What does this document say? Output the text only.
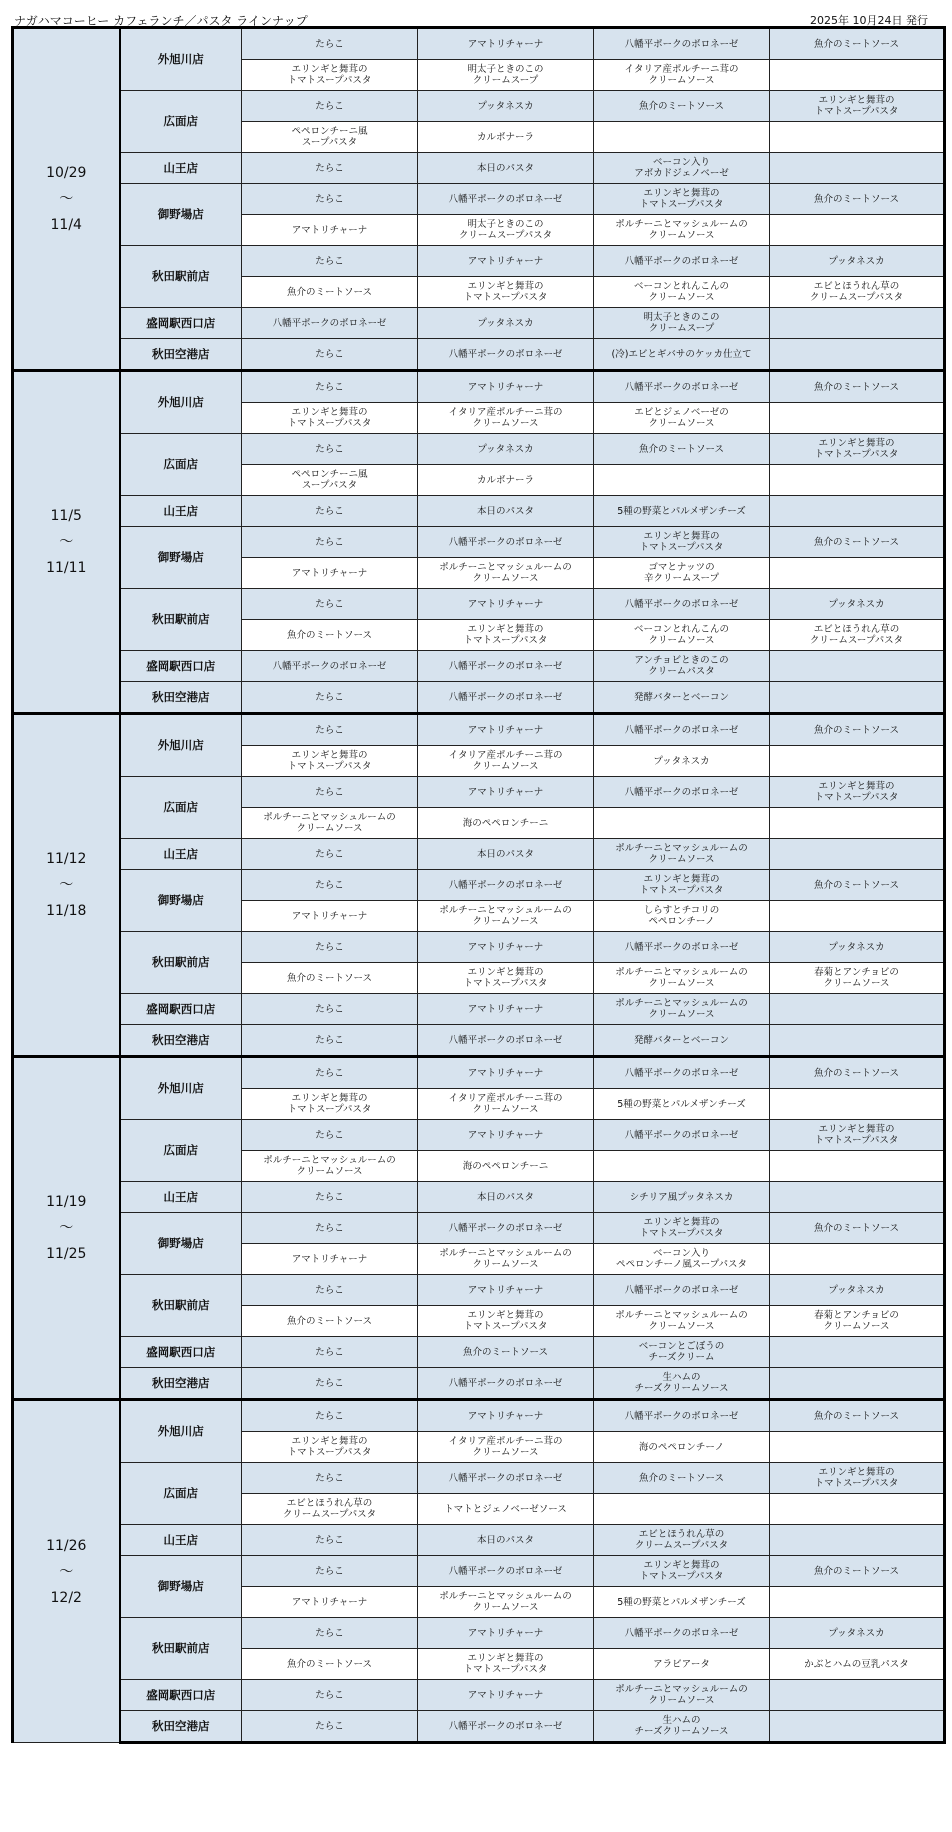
ナガハマコーヒー カフェランチ／パスタ ラインナップ	2025年 10月24日 発行
10/29
～
11/4	外旭川店	たらこ	アマトリチャーナ	八幡平ポークのボロネーゼ	魚介のミートソース
		エリンギと舞茸の
トマトスープパスタ	明太子ときのこの
クリームスープ	イタリア産ポルチーニ茸の
クリームソース	
	広面店	たらこ	プッタネスカ	魚介のミートソース	エリンギと舞茸の
トマトスープパスタ
		ペペロンチーニ風
スープパスタ	カルボナーラ		
	山王店	たらこ	本日のパスタ	ベーコン入り
アボカドジェノベーゼ	
	御野場店	たらこ	八幡平ポークのボロネーゼ	エリンギと舞茸の
トマトスープパスタ	魚介のミートソース
		アマトリチャーナ	明太子ときのこの
クリームスープパスタ	ポルチーニとマッシュルームの
クリームソース	
	秋田駅前店	たらこ	アマトリチャーナ	八幡平ポークのボロネーゼ	プッタネスカ
		魚介のミートソース	エリンギと舞茸の
トマトスープパスタ	ベーコンとれんこんの
クリームソース	エビとほうれん草の
クリームスープパスタ
	盛岡駅西口店	八幡平ポークのボロネーゼ	プッタネスカ	明太子ときのこの
クリームスープ	
	秋田空港店	たらこ	八幡平ポークのボロネーゼ	(冷)エビとギバサのケッカ仕立て	

11/5
～
11/11	外旭川店	たらこ	アマトリチャーナ	八幡平ポークのボロネーゼ	魚介のミートソース
		エリンギと舞茸の
トマトスープパスタ	イタリア産ポルチーニ茸の
クリームソース	エビとジェノベーゼの
クリームソース	
	広面店	たらこ	プッタネスカ	魚介のミートソース	エリンギと舞茸の
トマトスープパスタ
		ペペロンチーニ風
スープパスタ	カルボナーラ		
	山王店	たらこ	本日のパスタ	5種の野菜とパルメザンチーズ	
	御野場店	たらこ	八幡平ポークのボロネーゼ	エリンギと舞茸の
トマトスープパスタ	魚介のミートソース
		アマトリチャーナ	ポルチーニとマッシュルームの
クリームソース	ゴマとナッツの
辛クリームスープ	
	秋田駅前店	たらこ	アマトリチャーナ	八幡平ポークのボロネーゼ	プッタネスカ
		魚介のミートソース	エリンギと舞茸の
トマトスープパスタ	ベーコンとれんこんの
クリームソース	エビとほうれん草の
クリームスープパスタ
	盛岡駅西口店	八幡平ポークのボロネーゼ	八幡平ポークのボロネーゼ	アンチョビときのこの
クリームパスタ	
	秋田空港店	たらこ	八幡平ポークのボロネーゼ	発酵バターとベーコン	

11/12
～
11/18	外旭川店	たらこ	アマトリチャーナ	八幡平ポークのボロネーゼ	魚介のミートソース
		エリンギと舞茸の
トマトスープパスタ	イタリア産ポルチーニ茸の
クリームソース	プッタネスカ	
	広面店	たらこ	アマトリチャーナ	八幡平ポークのボロネーゼ	エリンギと舞茸の
トマトスープパスタ
		ポルチーニとマッシュルームの
クリームソース	海のペペロンチーニ		
	山王店	たらこ	本日のパスタ	ポルチーニとマッシュルームの
クリームソース	
	御野場店	たらこ	八幡平ポークのボロネーゼ	エリンギと舞茸の
トマトスープパスタ	魚介のミートソース
		アマトリチャーナ	ポルチーニとマッシュルームの
クリームソース	しらすとチコリの
ペペロンチーノ	
	秋田駅前店	たらこ	アマトリチャーナ	八幡平ポークのボロネーゼ	プッタネスカ
		魚介のミートソース	エリンギと舞茸の
トマトスープパスタ	ポルチーニとマッシュルームの
クリームソース	春菊とアンチョビの
クリームソース
	盛岡駅西口店	たらこ	アマトリチャーナ	ポルチーニとマッシュルームの
クリームソース	
	秋田空港店	たらこ	八幡平ポークのボロネーゼ	発酵バターとベーコン	

11/19
～
11/25	外旭川店	たらこ	アマトリチャーナ	八幡平ポークのボロネーゼ	魚介のミートソース
		エリンギと舞茸の
トマトスープパスタ	イタリア産ポルチーニ茸の
クリームソース	5種の野菜とパルメザンチーズ	
	広面店	たらこ	アマトリチャーナ	八幡平ポークのボロネーゼ	エリンギと舞茸の
トマトスープパスタ
		ポルチーニとマッシュルームの
クリームソース	海のペペロンチーニ		
	山王店	たらこ	本日のパスタ	シチリア風プッタネスカ	
	御野場店	たらこ	八幡平ポークのボロネーゼ	エリンギと舞茸の
トマトスープパスタ	魚介のミートソース
		アマトリチャーナ	ポルチーニとマッシュルームの
クリームソース	ベーコン入り
ペペロンチーノ風スープパスタ	
	秋田駅前店	たらこ	アマトリチャーナ	八幡平ポークのボロネーゼ	プッタネスカ
		魚介のミートソース	エリンギと舞茸の
トマトスープパスタ	ポルチーニとマッシュルームの
クリームソース	春菊とアンチョビの
クリームソース
	盛岡駅西口店	たらこ	魚介のミートソース	ベーコンとごぼうの
チーズクリーム	
	秋田空港店	たらこ	八幡平ポークのボロネーゼ	生ハムの
チーズクリームソース	

11/26
～
12/2	外旭川店	たらこ	アマトリチャーナ	八幡平ポークのボロネーゼ	魚介のミートソース
		エリンギと舞茸の
トマトスープパスタ	イタリア産ポルチーニ茸の
クリームソース	海のペペロンチーノ	
	広面店	たらこ	八幡平ポークのボロネーゼ	魚介のミートソース	エリンギと舞茸の
トマトスープパスタ
		エビとほうれん草の
クリームスープパスタ	トマトとジェノベーゼソース		
	山王店	たらこ	本日のパスタ	エビとほうれん草の
クリームスープパスタ	
	御野場店	たらこ	八幡平ポークのボロネーゼ	エリンギと舞茸の
トマトスープパスタ	魚介のミートソース
		アマトリチャーナ	ポルチーニとマッシュルームの
クリームソース	5種の野菜とパルメザンチーズ	
	秋田駅前店	たらこ	アマトリチャーナ	八幡平ポークのボロネーゼ	プッタネスカ
		魚介のミートソース	エリンギと舞茸の
トマトスープパスタ	アラビアータ	かぶとハムの豆乳パスタ
	盛岡駅西口店	たらこ	アマトリチャーナ	ポルチーニとマッシュルームの
クリームソース	
	秋田空港店	たらこ	八幡平ポークのボロネーゼ	生ハムの
チーズクリームソース	
